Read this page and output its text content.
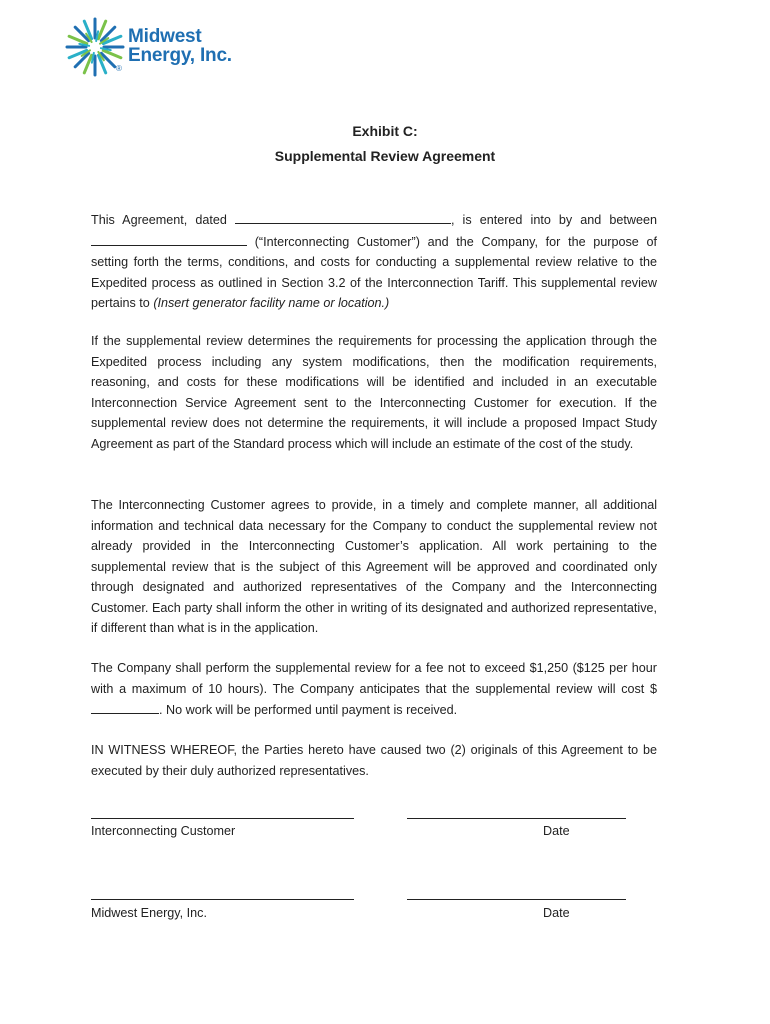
Midwest
Energy, Inc.
®
Exhibit C:
Supplemental Review Agreement
This Agreement, dated	, is entered into by and between  (“Interconnecting Customer”) and the Company, for the purpose of setting forth the terms, conditions, and costs for conducting a supplemental review relative to the Expedited process as outlined in Section 3.2 of the Interconnection Tariff. This supplemental review pertains to (Insert generator facility name or location.)
If the supplemental review determines the requirements for processing the application through the Expedited process including any system modifications, then the modification requirements, reasoning, and costs for these modifications will be identified and included in an executable Interconnection Service Agreement sent to the Interconnecting Customer for execution. If the supplemental review does not determine the requirements, it will include a proposed Impact Study Agreement as part of the Standard process which will include an estimate of the cost of the study.
The Interconnecting Customer agrees to provide, in a timely and complete manner, all additional information and technical data necessary for the Company to conduct the supplemental review not already provided in the Interconnecting Customer’s application. All work pertaining to the supplemental review that is the subject of this Agreement will be approved and coordinated only through designated and authorized representatives of the Company and the Interconnecting Customer. Each party shall inform the other in writing of its designated and authorized representative, if different than what is in the application.
The Company shall perform the supplemental review for a fee not to exceed $1,250 ($125 per hour with a maximum of 10 hours). The Company anticipates that the supplemental review will cost $. No work will be performed until payment is received.
IN WITNESS WHEREOF, the Parties hereto have caused two (2) originals of this Agreement to be executed by their duly authorized representatives.
Interconnecting Customer	Date
Midwest Energy, Inc.	Date
